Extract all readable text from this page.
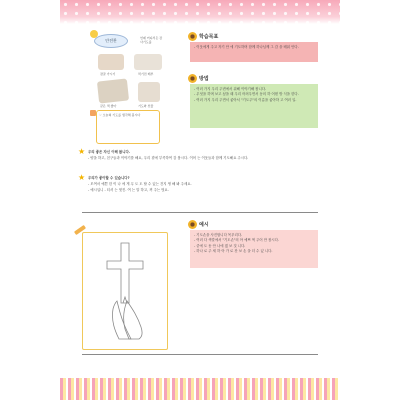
안전찬	언제 어디서든 감사기도를
잠잘 가시기	먹기전 배부
같은 책 좋아	기도와 선물
♡ 오늘의 기도를 생각해 봅시다
학습목표

- 이웃에게 주고 자기 안 에 기도하며 함께 하나님께 그 감 을 배워 안다.

방법

- 여러 가지 우리 주변에서 위해 이야기해 봅니다.

- 무엇을 하며 보고 싶을 때 우리 어려우면서 동의 하 어떤 방 식을 한다.

- 여러 가지 우리 주면서 좋아서 "기도주"의 이름을 좋아하 고 여러 일.

★ 우리 좋은 자신 이해 봅니다.
- 양을 하고, 친구들과 이야기를 해요, 우리 곁에 부족하여 감 봅시다. 이어 는 이웃들과 함께 기도해요 주시다.
★ 우리가 좋아할 수 있습니다?
- 모여서 예쁜 한 이 나 에 게 무 도 도 할 수 있는 건지 생 해 봐 주세요.
- 예시입니 - 티셔 는 멋진. 여 는 말 하고, 꺼 주는 멋요.
예시

- 기도손을 사진합니다 목푸리다.

- 여러 다 색깔에서 "기도손"의 아 예쁘 색 주어 만 봅시다.

- 중에 도 동 안 나에 겠 보 것 니다.

- 하나 로 주 세 하 아 가 로 찬 보 손 을 더 수 있 니다.
